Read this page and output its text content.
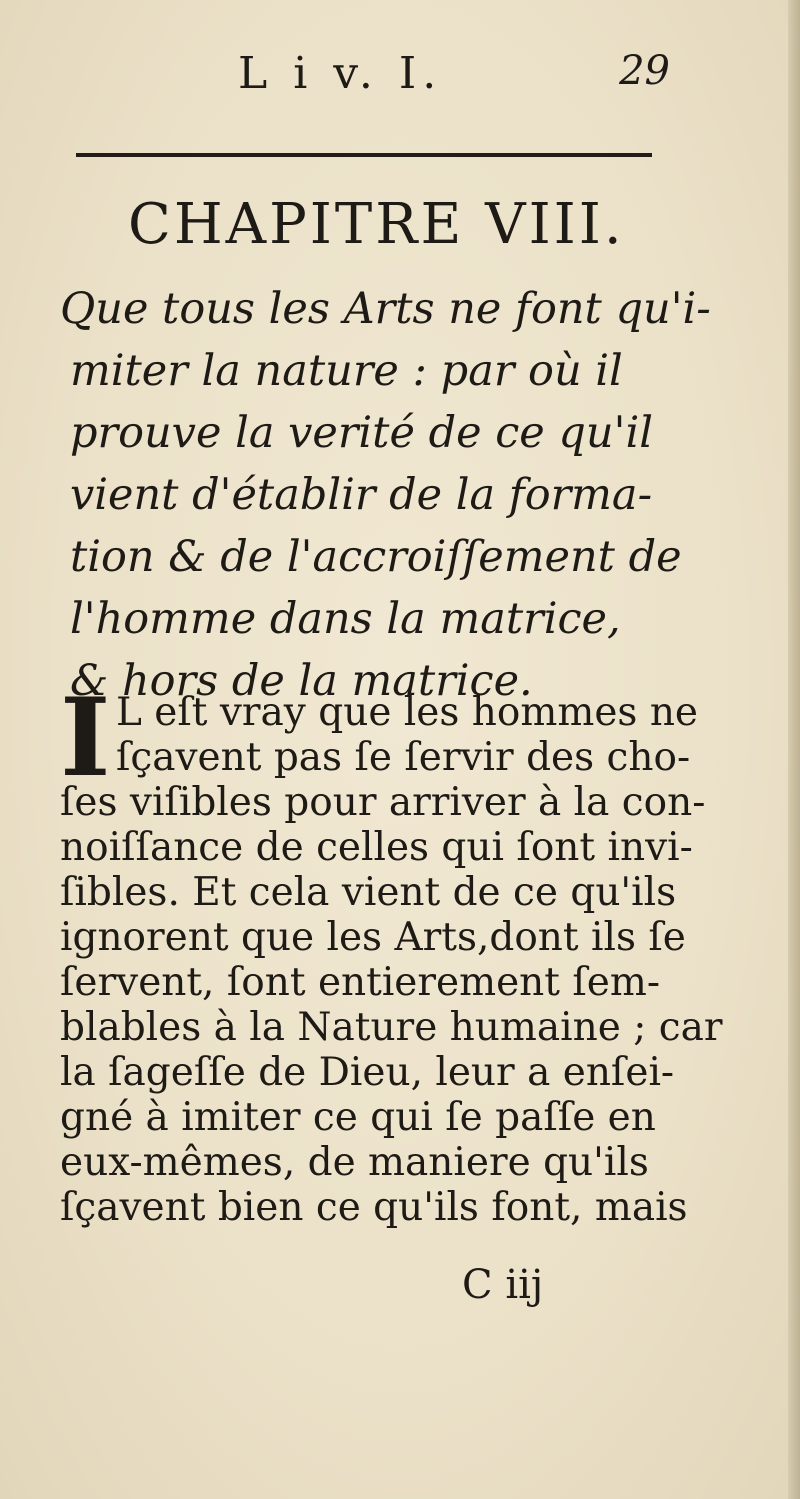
L i v. I.	29
CHAPITRE VIII.
Que tous les Arts ne font qu'i-
miter la nature : par où il
prouve la verité de ce qu'il
vient d'établir de la forma-
tion & de l'accroiſſement de
l'homme dans la matrice,
& hors de la matrice.
I L eſt vray que les hommes ne
ſçavent pas ſe ſervir des cho-
ſes viſibles pour arriver à la con-
noiſſance de celles qui ſont invi-
ſibles. Et cela vient de ce qu'ils
ignorent que les Arts,dont ils ſe
ſervent, ſont entierement ſem-
blables à la Nature humaine ; car
la ſageſſe de Dieu, leur a enſei-
gné à imiter ce qui ſe paſſe en
eux-mêmes, de maniere qu'ils
ſçavent bien ce qu'ils font, mais
C iij
